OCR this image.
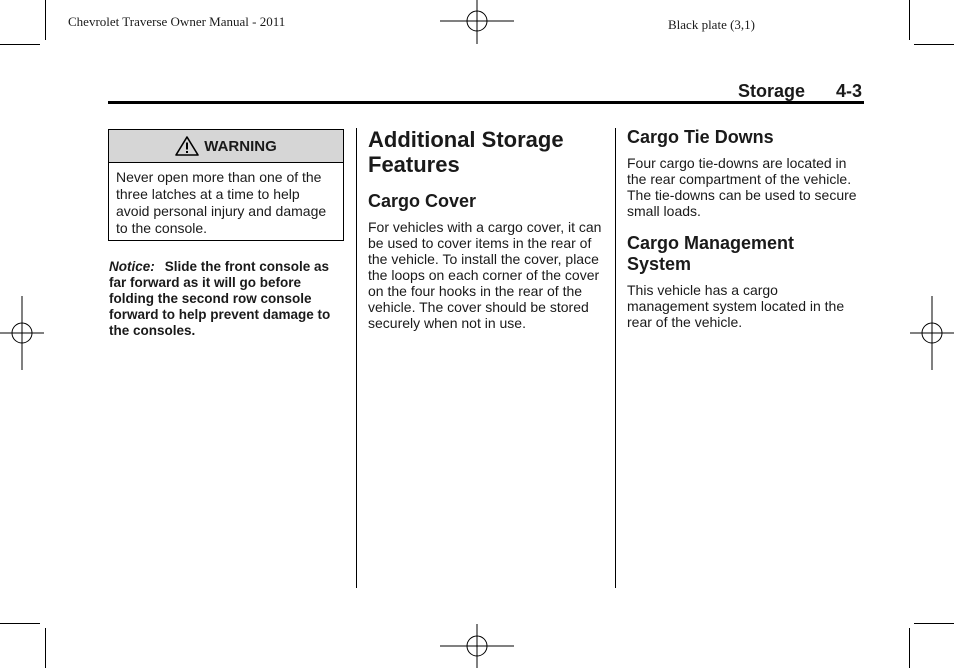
Chevrolet Traverse Owner Manual - 2011	Black plate (3,1)
Storage 4-3
WARNING
Never open more than one of the three latches at a time to help avoid personal injury and damage to the console.
Notice: Slide the front console as far forward as it will go before folding the second row console forward to help prevent damage to the consoles.
Additional Storage Features
Cargo Cover
For vehicles with a cargo cover, it can be used to cover items in the rear of the vehicle. To install the cover, place the loops on each corner of the cover on the four hooks in the rear of the vehicle. The cover should be stored securely when not in use.
Cargo Tie Downs
Four cargo tie-downs are located in the rear compartment of the vehicle. The tie-downs can be used to secure small loads.
Cargo Management System
This vehicle has a cargo management system located in the rear of the vehicle.
